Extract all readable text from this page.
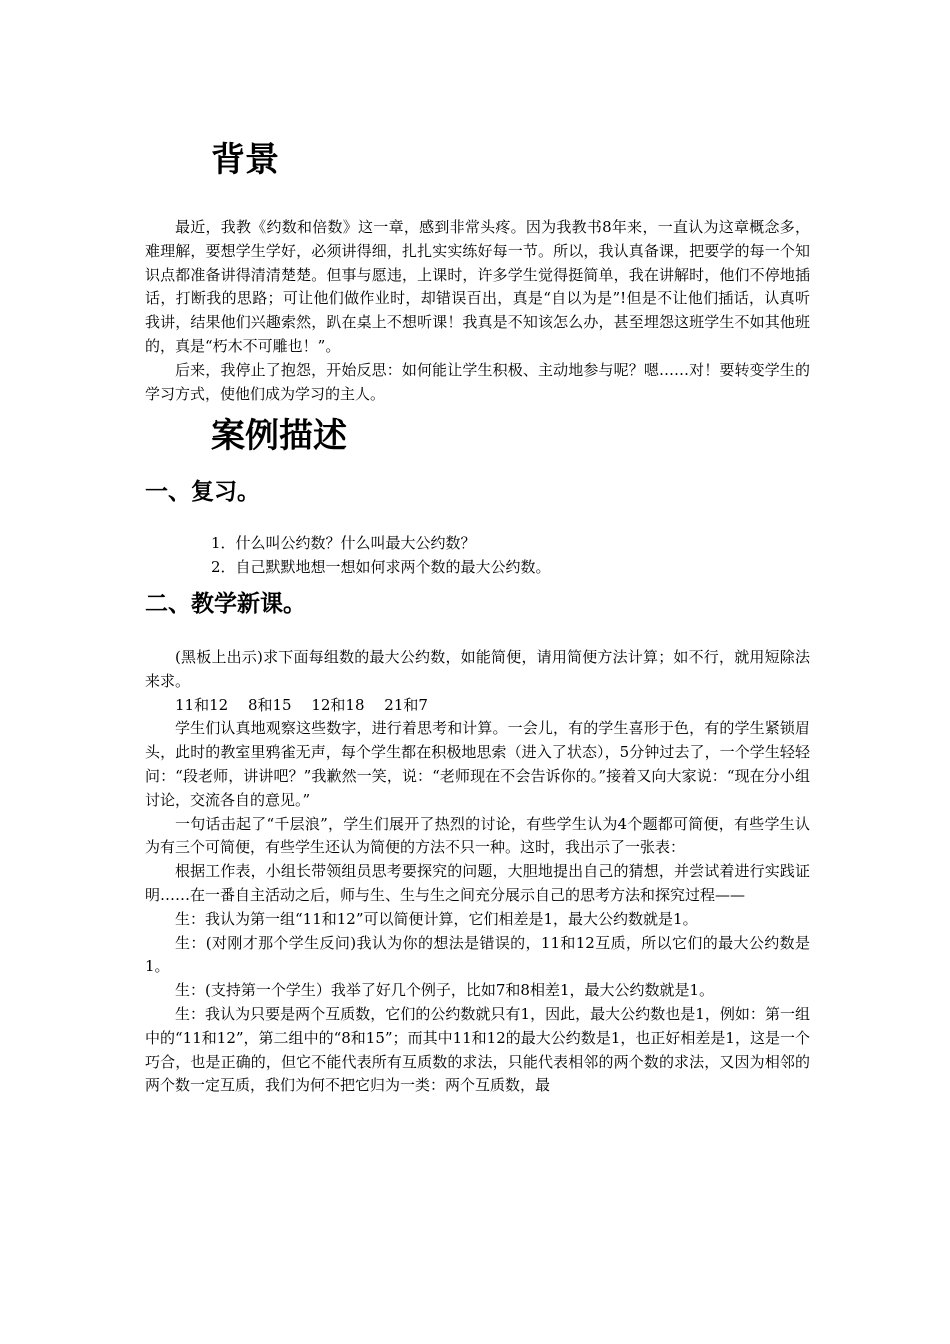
背景

最近，我教《约数和倍数》这一章，感到非常头疼。因为我教书8年来，一直认为这章概念多，难理解，要想学生学好，必须讲得细，扎扎实实练好每一节。所以，我认真备课，把要学的每一个知识点都准备讲得清清楚楚。但事与愿违，上课时，许多学生觉得挺简单，我在讲解时，他们不停地插话，打断我的思路；可让他们做作业时，却错误百出，真是“自以为是”!但是不让他们插话，认真听我讲，结果他们兴趣索然，趴在桌上不想听课！我真是不知该怎么办，甚至埋怨这班学生不如其他班的，真是“朽木不可雕也！”。

后来，我停止了抱怨，开始反思：如何能让学生积极、主动地参与呢？嗯……对！要转变学生的学习方式，使他们成为学习的主人。

案例描述
一、复习。
1．什么叫公约数？什么叫最大公约数？
2．自己默默地想一想如何求两个数的最大公约数。
二、教学新课。

(黑板上出示)求下面每组数的最大公约数，如能简便，请用简便方法计算；如不行，就用短除法来求。

11和12　 8和15　 12和18　 21和7

学生们认真地观察这些数字，进行着思考和计算。一会儿，有的学生喜形于色，有的学生紧锁眉头，此时的教室里鸦雀无声，每个学生都在积极地思索（进入了状态），5分钟过去了，一个学生轻轻问：“段老师，讲讲吧？”我歉然一笑，说：“老师现在不会告诉你的。”接着又向大家说：“现在分小组讨论，交流各自的意见。”

一句话击起了“千层浪”，学生们展开了热烈的讨论，有些学生认为4个题都可简便，有些学生认为有三个可简便，有些学生还认为简便的方法不只一种。这时，我出示了一张表：

根据工作表，小组长带领组员思考要探究的问题，大胆地提出自己的猜想，并尝试着进行实践证明……在一番自主活动之后，师与生、生与生之间充分展示自己的思考方法和探究过程——

生：我认为第一组“11和12”可以简便计算，它们相差是1，最大公约数就是1。

生：(对刚才那个学生反问)我认为你的想法是错误的，11和12互质，所以它们的最大公约数是1。

生：(支持第一个学生）我举了好几个例子，比如7和8相差1，最大公约数就是1。

生：我认为只要是两个互质数，它们的公约数就只有1，因此，最大公约数也是1，例如：第一组中的“11和12”，第二组中的“8和15”；而其中11和12的最大公约数是1，也正好相差是1，这是一个巧合，也是正确的，但它不能代表所有互质数的求法，只能代表相邻的两个数的求法，又因为相邻的两个数一定互质，我们为何不把它归为一类：两个互质数，最
